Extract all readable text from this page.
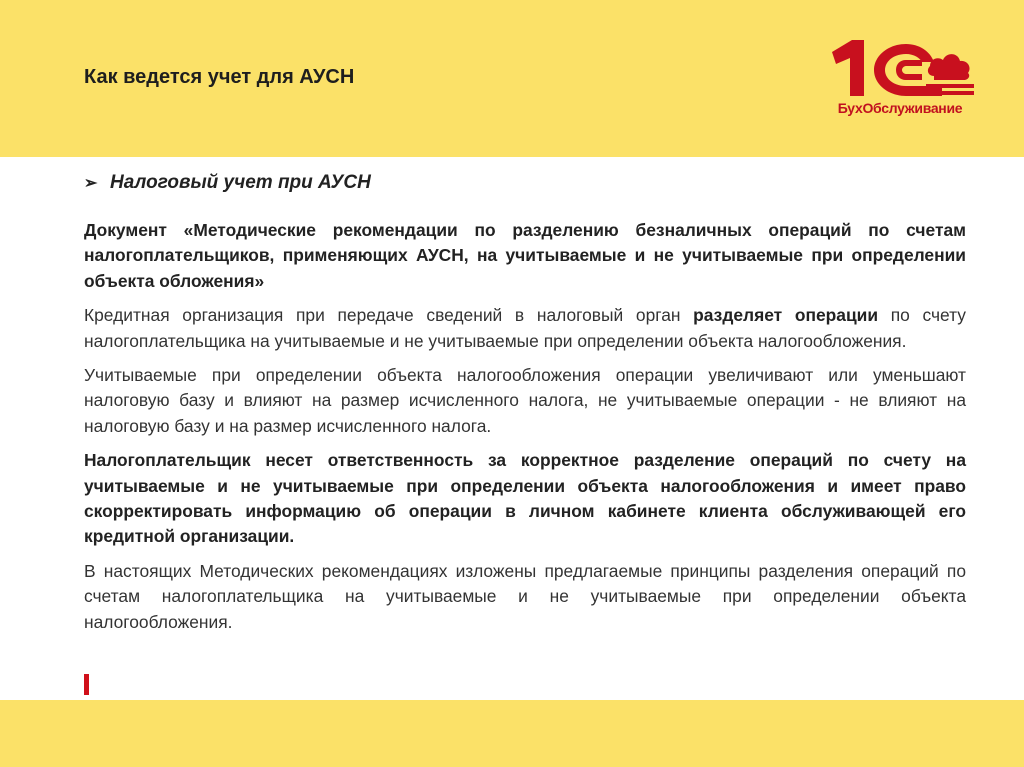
Как ведется учет для АУСН
БухОбслуживание
➢ Налоговый учет при АУСН

Документ «Методические рекомендации по разделению безналичных операций по счетам налогоплательщиков, применяющих АУСН, на учитываемые и не учитываемые при определении объекта обложения»

Кредитная организация при передаче сведений в налоговый орган разделяет операции по счету налогоплательщика на учитываемые и не учитываемые при определении объекта налогообложения.

Учитываемые при определении объекта налогообложения операции увеличивают или уменьшают налоговую базу и влияют на размер исчисленного налога, не учитываемые операции - не влияют на налоговую базу и на размер исчисленного налога.

Налогоплательщик несет ответственность за корректное разделение операций по счету на учитываемые и не учитываемые при определении объекта налогообложения и имеет право скорректировать информацию об операции в личном кабинете клиента обслуживающей его кредитной организации.

В настоящих Методических рекомендациях изложены предлагаемые принципы разделения операций по счетам налогоплательщика на учитываемые и не учитываемые при определении объекта налогообложения.
